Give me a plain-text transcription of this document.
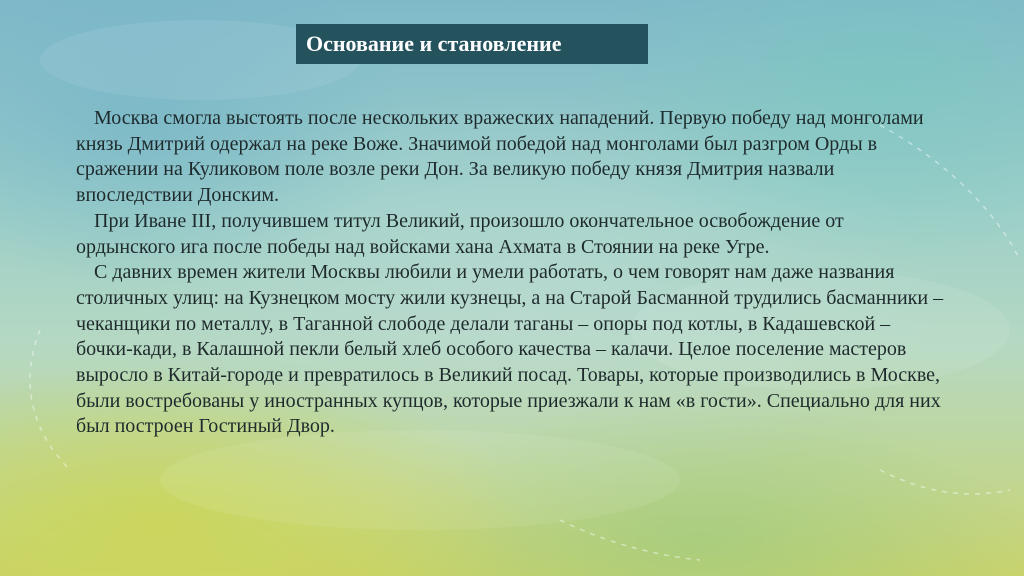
Основание и становление

Москва смогла выстоять после нескольких вражеских нападений. Первую победу над монголами князь Дмитрий одержал на реке Воже. Значимой победой над монголами был разгром Орды в сражении на Куликовом поле возле реки Дон. За великую победу князя Дмитрия назвали впоследствии Донским.

При Иване III, получившем титул Великий, произошло окончательное освобождение от ордынского ига после победы над войсками хана Ахмата в Стоянии на реке Угре.

С давних времен жители Москвы любили и умели работать, о чем говорят нам даже названия столичных улиц: на Кузнецком мосту жили кузнецы, а на Старой Басманной трудились басманники – чеканщики по металлу, в Таганной слободе делали таганы – опоры под котлы, в Кадашевской – бочки-кади, в Калашной пекли белый хлеб особого качества – калачи. Целое поселение мастеров выросло в Китай-городе и превратилось в Великий посад. Товары, которые производились в Москве, были востребованы у иностранных купцов, которые приезжали к нам «в гости». Специально для них был построен Гостиный Двор.
